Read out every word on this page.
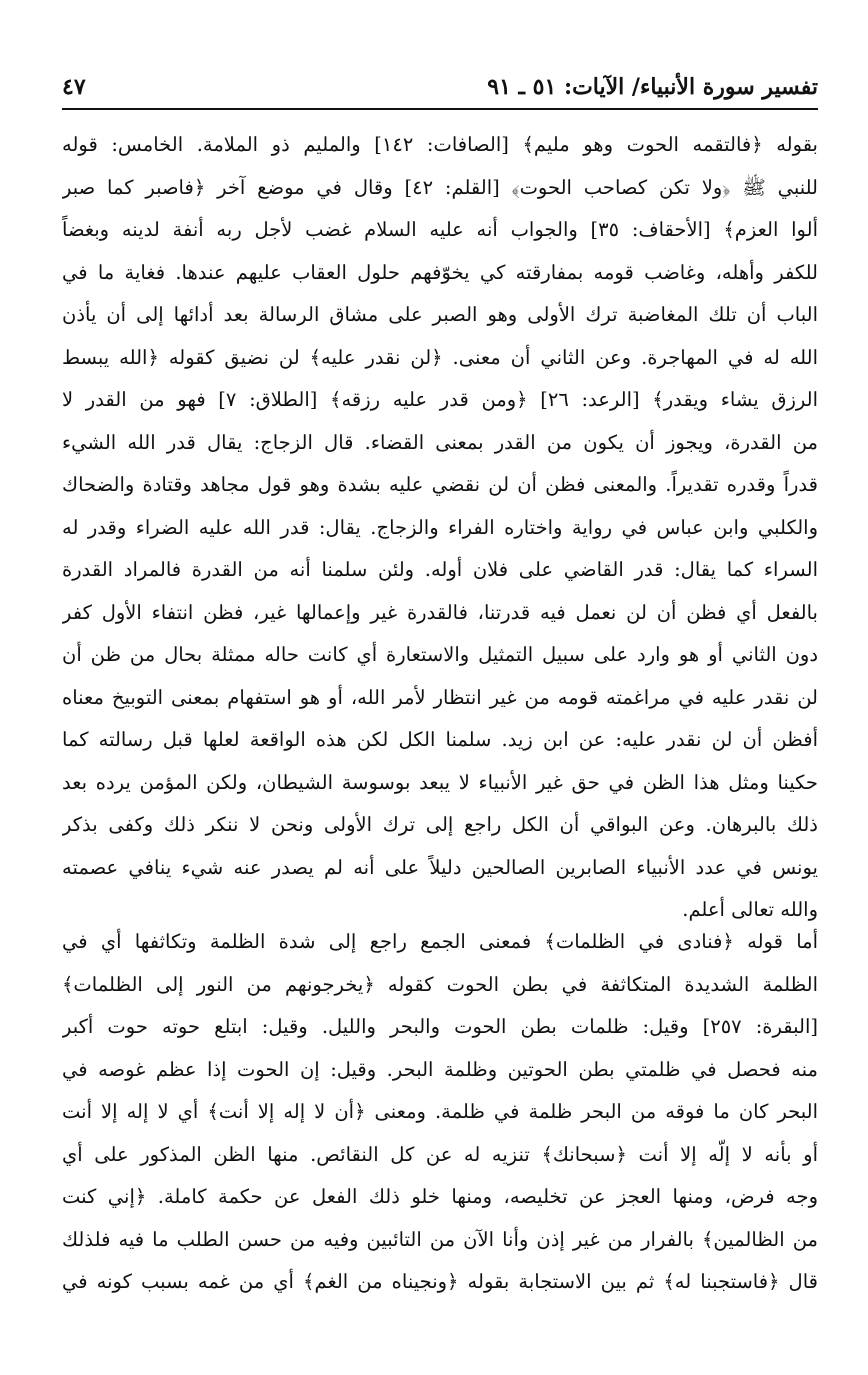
تفسير سورة الأنبياء/ الآيات: ٥١ ـ ٩١
٤٧
بقوله ﴿فالتقمه الحوت وهو مليم﴾ [الصافات: ١٤٢] والمليم ذو الملامة. الخامس: قوله
للنبي ﷺ ﴿ولا تكن كصاحب الحوت﴾ [القلم: ٤٢] وقال في موضع آخر ﴿فاصبر كما صبر
ألوا العزم﴾ [الأحقاف: ٣٥] والجواب أنه عليه السلام غضب لأجل ربه أنفة لدينه وبغضاً
للكفر وأهله، وغاضب قومه بمفارقته كي يخوّفهم حلول العقاب عليهم عندها. فغاية ما في
الباب أن تلك المغاضبة ترك الأولى وهو الصبر على مشاق الرسالة بعد أدائها إلى أن يأذن
الله له في المهاجرة. وعن الثاني أن معنى. ﴿لن نقدر عليه﴾ لن نضيق كقوله ﴿الله يبسط
الرزق يشاء ويقدر﴾ [الرعد: ٢٦] ﴿ومن قدر عليه رزقه﴾ [الطلاق: ٧] فهو من القدر لا
من القدرة، ويجوز أن يكون من القدر بمعنى القضاء. قال الزجاج: يقال قدر الله الشيء
قدراً وقدره تقديراً. والمعنى فظن أن لن نقضي عليه بشدة وهو قول مجاهد وقتادة والضحاك
والكلبي وابن عباس في رواية واختاره الفراء والزجاج. يقال: قدر الله عليه الضراء وقدر له
السراء كما يقال: قدر القاضي على فلان أوله. ولئن سلمنا أنه من القدرة فالمراد القدرة
بالفعل أي فظن أن لن نعمل فيه قدرتنا، فالقدرة غير وإعمالها غير، فظن انتفاء الأول كفر
دون الثاني أو هو وارد على سبيل التمثيل والاستعارة أي كانت حاله ممثلة بحال من ظن أن
لن نقدر عليه في مراغمته قومه من غير انتظار لأمر الله، أو هو استفهام بمعنى التوبيخ معناه
أفظن أن لن نقدر عليه: عن ابن زيد. سلمنا الكل لكن هذه الواقعة لعلها قبل رسالته كما
حكينا ومثل هذا الظن في حق غير الأنبياء لا يبعد بوسوسة الشيطان، ولكن المؤمن يرده بعد
ذلك بالبرهان. وعن البواقي أن الكل راجع إلى ترك الأولى ونحن لا ننكر ذلك وكفى بذكر
يونس في عدد الأنبياء الصابرين الصالحين دليلاً على أنه لم يصدر عنه شيء ينافي عصمته
والله تعالى أعلم.
أما قوله ﴿فنادى في الظلمات﴾ فمعنى الجمع راجع إلى شدة الظلمة وتكاثفها أي في
الظلمة الشديدة المتكاثفة في بطن الحوت كقوله ﴿يخرجونهم من النور إلى الظلمات﴾
[البقرة: ٢٥٧] وقيل: ظلمات بطن الحوت والبحر والليل. وقيل: ابتلع حوته حوت أكبر
منه فحصل في ظلمتي بطن الحوتين وظلمة البحر. وقيل: إن الحوت إذا عظم غوصه في
البحر كان ما فوقه من البحر ظلمة في ظلمة. ومعنى ﴿أن لا إله إلا أنت﴾ أي لا إله إلا أنت
أو بأنه لا إلّه إلا أنت ﴿سبحانك﴾ تنزيه له عن كل النقائص. منها الظن المذكور على أي
وجه فرض، ومنها العجز عن تخليصه، ومنها خلو ذلك الفعل عن حكمة كاملة. ﴿إني كنت
من الظالمين﴾ بالفرار من غير إذن وأنا الآن من التائبين وفيه من حسن الطلب ما فيه فلذلك
قال ﴿فاستجبنا له﴾ ثم بين الاستجابة بقوله ﴿ونجيناه من الغم﴾ أي من غمه بسبب كونه في
